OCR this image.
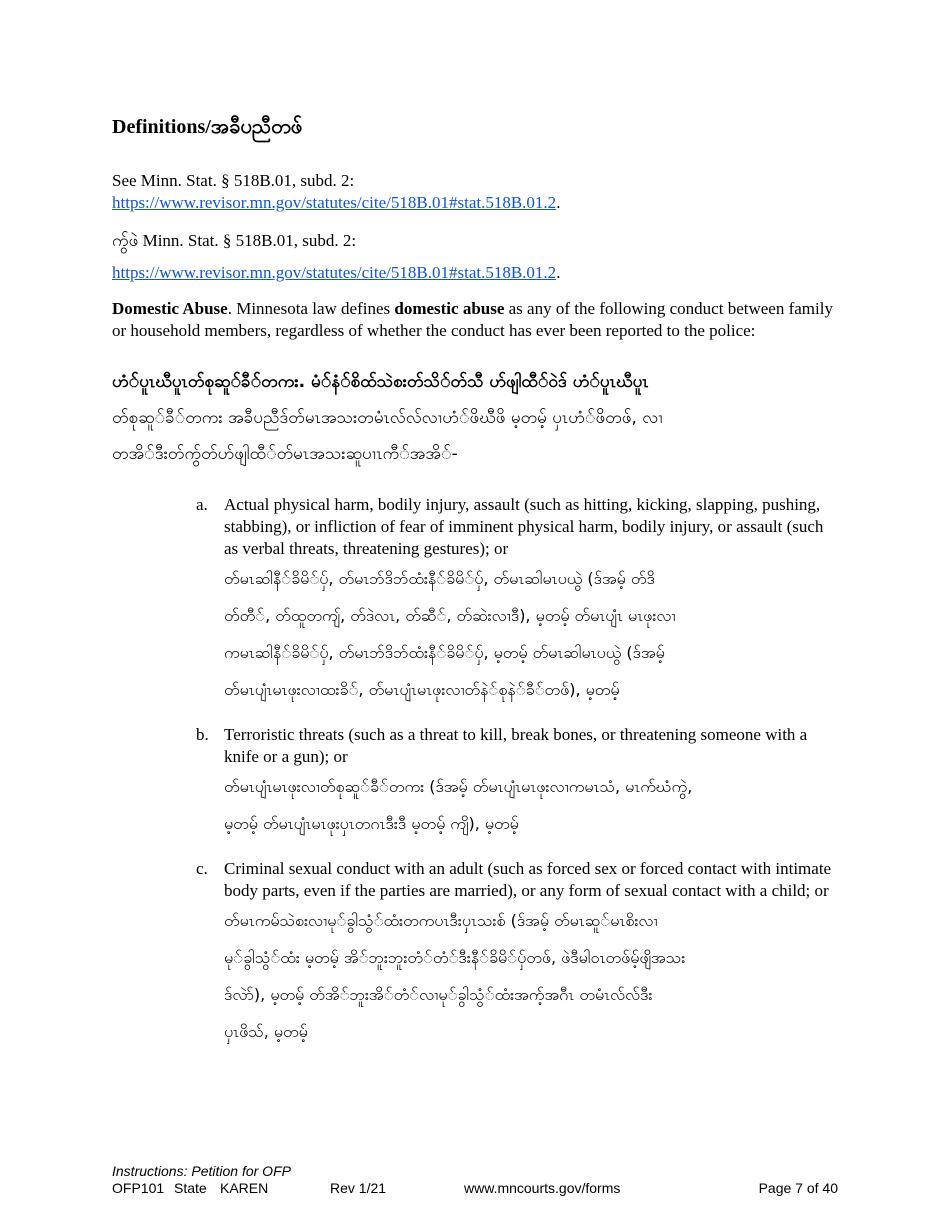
Definitions/အခီပညီတဖ်

See Minn. Stat. § 518B.01, subd. 2:
https://www.revisor.mn.gov/statutes/cite/518B.01#stat.518B.01.2.

ကွ်ဖဲ Minn. Stat. § 518B.01, subd. 2:

https://www.revisor.mn.gov/statutes/cite/518B.01#stat.518B.01.2.

Domestic Abuse. Minnesota law defines domestic abuse as any of the following conduct between family or household members, regardless of whether the conduct has ever been reported to the police:

ဟံ်ပူၤဃီပူၤတ်စုဆူ်ခီ်တကး. မံ်နံ်စိထ်သဲစးတ်သိ်တ်သီ ဟ်ဖျါထီ်ဝဲဒ် ဟံ်ပူၤဃီပူၤ
တ်စုဆူ်ခီ်တကး အခီပညီဒ်တ်မၤအသးတမံၤလ်လ်လၢဟံ်ဖိဃီဖိ မ့တမ့် ပှၤဟံ်ဖိတဖ်, လၢ
တအိ်ဒီးတ်ကွ်တ်ဟ်ဖျါထီ်တ်မၤအသးဆူပၢၤကီ်အအိ်-
a. Actual physical harm, bodily injury, assault (such as hitting, kicking, slapping, pushing, stabbing), or infliction of fear of imminent physical harm, bodily injury, or assault (such as verbal threats, threatening gestures); or

တ်မၤဆါနီ်ခိမိ်ပှ်, တ်မၤဘ်ဒိဘ်ထံးနီ်ခိမိ်ပှ်, တ်မၤဆါမၤပယွဲ (ဒ်အမ့် တ်ဒိ
တ်တီ်, တ်ထူတကျ်, တ်ဒဲလၤ, တ်ဆီ်, တ်ဆဲးလၢဒီ), မ့တမ့် တ်မၤပျံၤ မၤဖုးလၢ
ကမၤဆါနီ်ခိမိ်ပှ်, တ်မၤဘ်ဒိဘ်ထံးနီ်ခိမိ်ပှ်, မ့တမ့် တ်မၤဆါမၤပယွဲ (ဒ်အမ့်
တ်မၤပျံၤမၤဖုးလၢထးခိ်, တ်မၤပျံၤမၤဖုးလၢတ်နဲ်စုနဲ်ခီ်တဖ်), မ့တမ့်
b. Terroristic threats (such as a threat to kill, break bones, or threatening someone with a knife or a gun); or

တ်မၤပျံၤမၤဖုးလၢတ်စုဆူ်ခီ်တကး (ဒ်အမ့် တ်မၤပျံၤမၤဖုးလၢကမၤသံ, မၤက်ဃံကွဲ,
မ့တမ့် တ်မၤပျံၤမၤဖုးပှၤတဂၤဒီးဒီ မ့တမ့် ကျိ), မ့တမ့်
c. Criminal sexual conduct with an adult (such as forced sex or forced contact with intimate body parts, even if the parties are married), or any form of sexual contact with a child; or

တ်မၤကမ်သဲစးလၢမု်ခွါသွံ်ထံးတကပၤဒီးပှၤသးစ် (ဒ်အမ့် တ်မၤဆူ်မၤစိးလၢ
မု်ခွါသွံ်ထံး မ့တမ့် အိ်ဘူးဘူးတံ်တံ်ဒီးနီ်ခိမိ်ပှ်တဖ်, ဖဲဒီမါဝၤတဖ်မ့်ဖျိအသး
ဒ်လဲာ်), မ့တမ့် တ်အိ်ဘူးအိ်တံ်လၢမု်ခွါသွံ်ထံးအက့်အဂီၤ တမံၤလ်လ်ဒီး
ပှၤဖိသ်, မ့တမ့်
Instructions: Petition for OFP
OFP101 State KAREN	Rev 1/21	www.mncourts.gov/forms	Page 7 of 40
